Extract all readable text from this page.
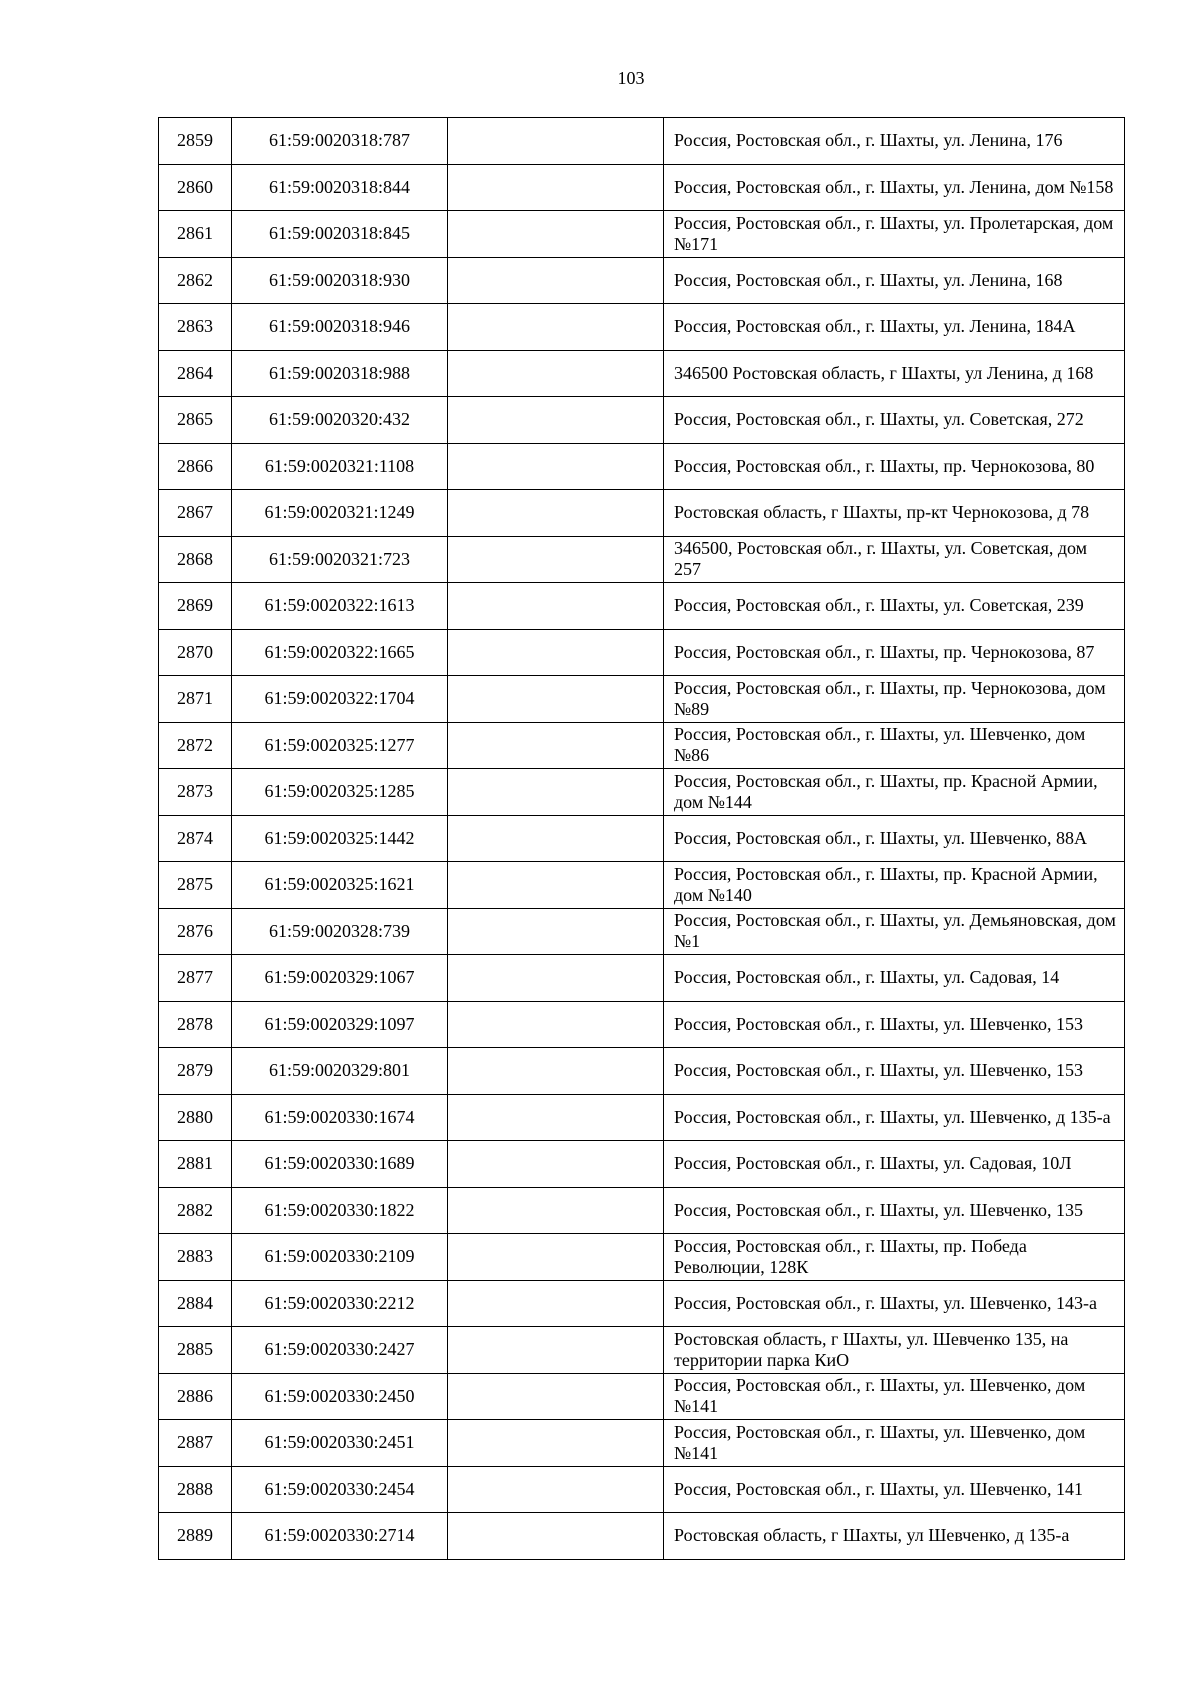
103
2859	61:59:0020318:787		Россия, Ростовская обл., г. Шахты, ул. Ленина, 176
2860	61:59:0020318:844		Россия, Ростовская обл., г. Шахты, ул. Ленина, дом №158
2861	61:59:0020318:845		Россия, Ростовская обл., г. Шахты, ул. Пролетарская, дом №171
2862	61:59:0020318:930		Россия, Ростовская обл., г. Шахты, ул. Ленина, 168
2863	61:59:0020318:946		Россия, Ростовская обл., г. Шахты, ул. Ленина, 184А
2864	61:59:0020318:988		346500 Ростовская область, г Шахты, ул Ленина, д 168
2865	61:59:0020320:432		Россия, Ростовская обл., г. Шахты, ул. Советская, 272
2866	61:59:0020321:1108		Россия, Ростовская обл., г. Шахты, пр. Чернокозова, 80
2867	61:59:0020321:1249		Ростовская область, г Шахты, пр-кт Чернокозова, д 78
2868	61:59:0020321:723		346500, Ростовская обл., г. Шахты, ул. Советская, дом 257
2869	61:59:0020322:1613		Россия, Ростовская обл., г. Шахты, ул. Советская, 239
2870	61:59:0020322:1665		Россия, Ростовская обл., г. Шахты, пр. Чернокозова, 87
2871	61:59:0020322:1704		Россия, Ростовская обл., г. Шахты, пр. Чернокозова, дом №89
2872	61:59:0020325:1277		Россия, Ростовская обл., г. Шахты, ул. Шевченко, дом №86
2873	61:59:0020325:1285		Россия, Ростовская обл., г. Шахты, пр. Красной Армии, дом №144
2874	61:59:0020325:1442		Россия, Ростовская обл., г. Шахты, ул. Шевченко, 88А
2875	61:59:0020325:1621		Россия, Ростовская обл., г. Шахты, пр. Красной Армии, дом №140
2876	61:59:0020328:739		Россия, Ростовская обл., г. Шахты, ул. Демьяновская, дом №1
2877	61:59:0020329:1067		Россия, Ростовская обл., г. Шахты, ул. Садовая, 14
2878	61:59:0020329:1097		Россия, Ростовская обл., г. Шахты, ул. Шевченко, 153
2879	61:59:0020329:801		Россия, Ростовская обл., г. Шахты, ул. Шевченко, 153
2880	61:59:0020330:1674		Россия, Ростовская обл., г. Шахты, ул. Шевченко, д 135-а
2881	61:59:0020330:1689		Россия, Ростовская обл., г. Шахты, ул. Садовая, 10Л
2882	61:59:0020330:1822		Россия, Ростовская обл., г. Шахты, ул. Шевченко, 135
2883	61:59:0020330:2109		Россия, Ростовская обл., г. Шахты, пр. Победа Революции, 128К
2884	61:59:0020330:2212		Россия, Ростовская обл., г. Шахты, ул. Шевченко, 143-а
2885	61:59:0020330:2427		Ростовская область, г Шахты, ул. Шевченко 135, на территории парка КиО
2886	61:59:0020330:2450		Россия, Ростовская обл., г. Шахты, ул. Шевченко, дом №141
2887	61:59:0020330:2451		Россия, Ростовская обл., г. Шахты, ул. Шевченко, дом №141
2888	61:59:0020330:2454		Россия, Ростовская обл., г. Шахты, ул. Шевченко, 141
2889	61:59:0020330:2714		Ростовская область, г Шахты, ул Шевченко, д 135-а
